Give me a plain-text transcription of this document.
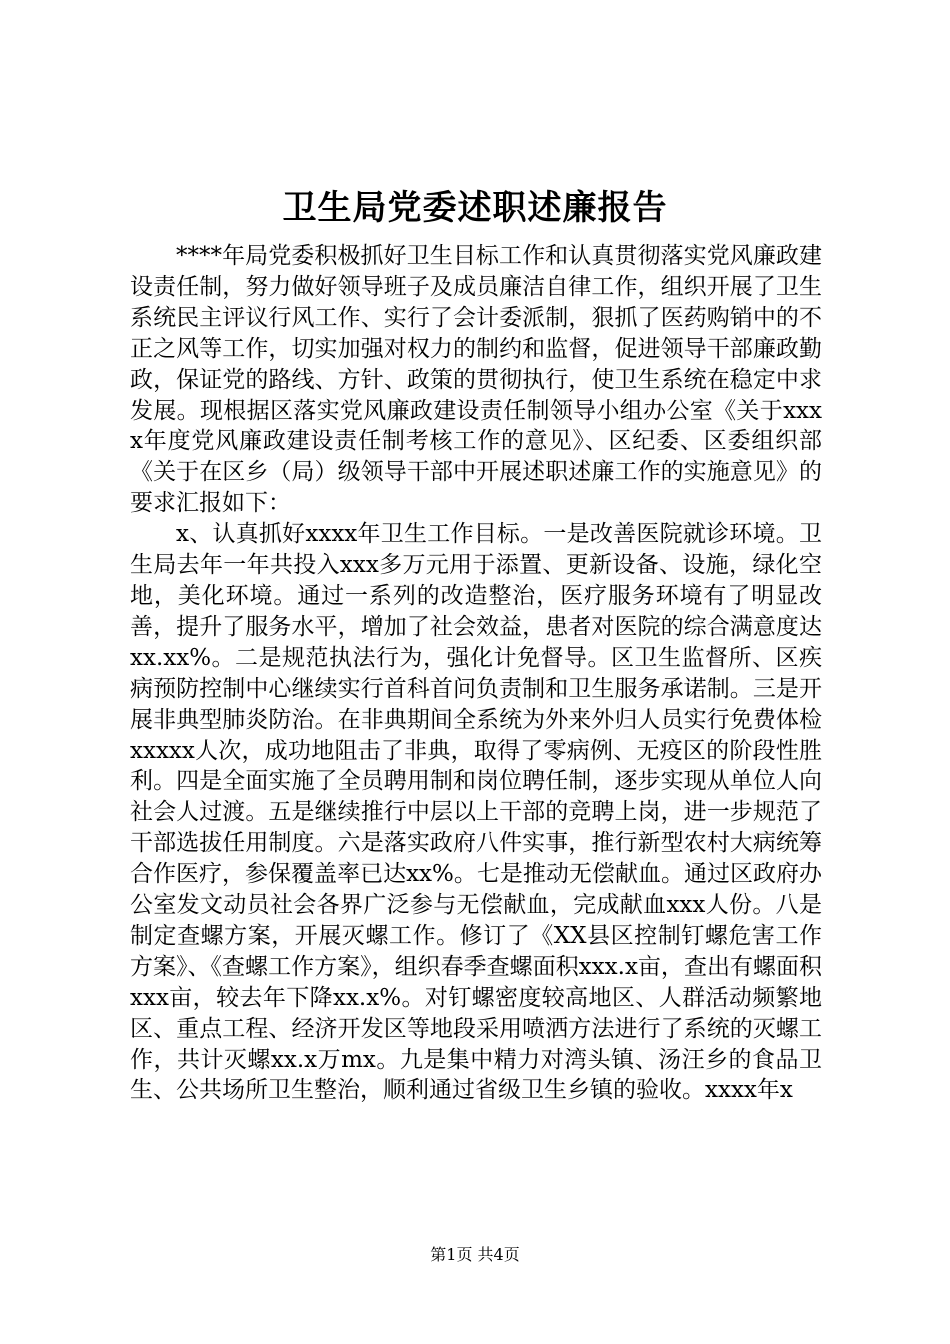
卫生局党委述职述廉报告

****年局党委积极抓好卫生目标工作和认真贯彻落实党风廉政建设责任制，努力做好领导班子及成员廉洁自律工作，组织开展了卫生系统民主评议行风工作、实行了会计委派制，狠抓了医药购销中的不正之风等工作，切实加强对权力的制约和监督，促进领导干部廉政勤政，保证党的路线、方针、政策的贯彻执行，使卫生系统在稳定中求发展。现根据区落实党风廉政建设责任制领导小组办公室《关于xxxx年度党风廉政建设责任制考核工作的意见》、区纪委、区委组织部《关于在区乡（局）级领导干部中开展述职述廉工作的实施意见》的要求汇报如下：

x、认真抓好xxxx年卫生工作目标。一是改善医院就诊环境。卫生局去年一年共投入xxx多万元用于添置、更新设备、设施，绿化空地，美化环境。通过一系列的改造整治，医疗服务环境有了明显改善，提升了服务水平，增加了社会效益，患者对医院的综合满意度达xx.xx%。二是规范执法行为，强化计免督导。区卫生监督所、区疾病预防控制中心继续实行首科首问负责制和卫生服务承诺制。三是开展非典型肺炎防治。在非典期间全系统为外来外归人员实行免费体检xxxxx人次，成功地阻击了非典，取得了零病例、无疫区的阶段性胜利。四是全面实施了全员聘用制和岗位聘任制，逐步实现从单位人向社会人过渡。五是继续推行中层以上干部的竞聘上岗，进一步规范了干部选拔任用制度。六是落实政府八件实事，推行新型农村大病统筹合作医疗，参保覆盖率已达xx%。七是推动无偿献血。通过区政府办公室发文动员社会各界广泛参与无偿献血，完成献血xxx人份。八是制定查螺方案，开展灭螺工作。修订了《XX县区控制钉螺危害工作方案》、《查螺工作方案》，组织春季查螺面积xxx.x亩，查出有螺面积xxx亩，较去年下降xx.x%。对钉螺密度较高地区、人群活动频繁地区、重点工程、经济开发区等地段采用喷洒方法进行了系统的灭螺工作，共计灭螺xx.x万mx。九是集中精力对湾头镇、汤汪乡的食品卫生、公共场所卫生整治，顺利通过省级卫生乡镇的验收。xxxx年x

第1页 共4页
